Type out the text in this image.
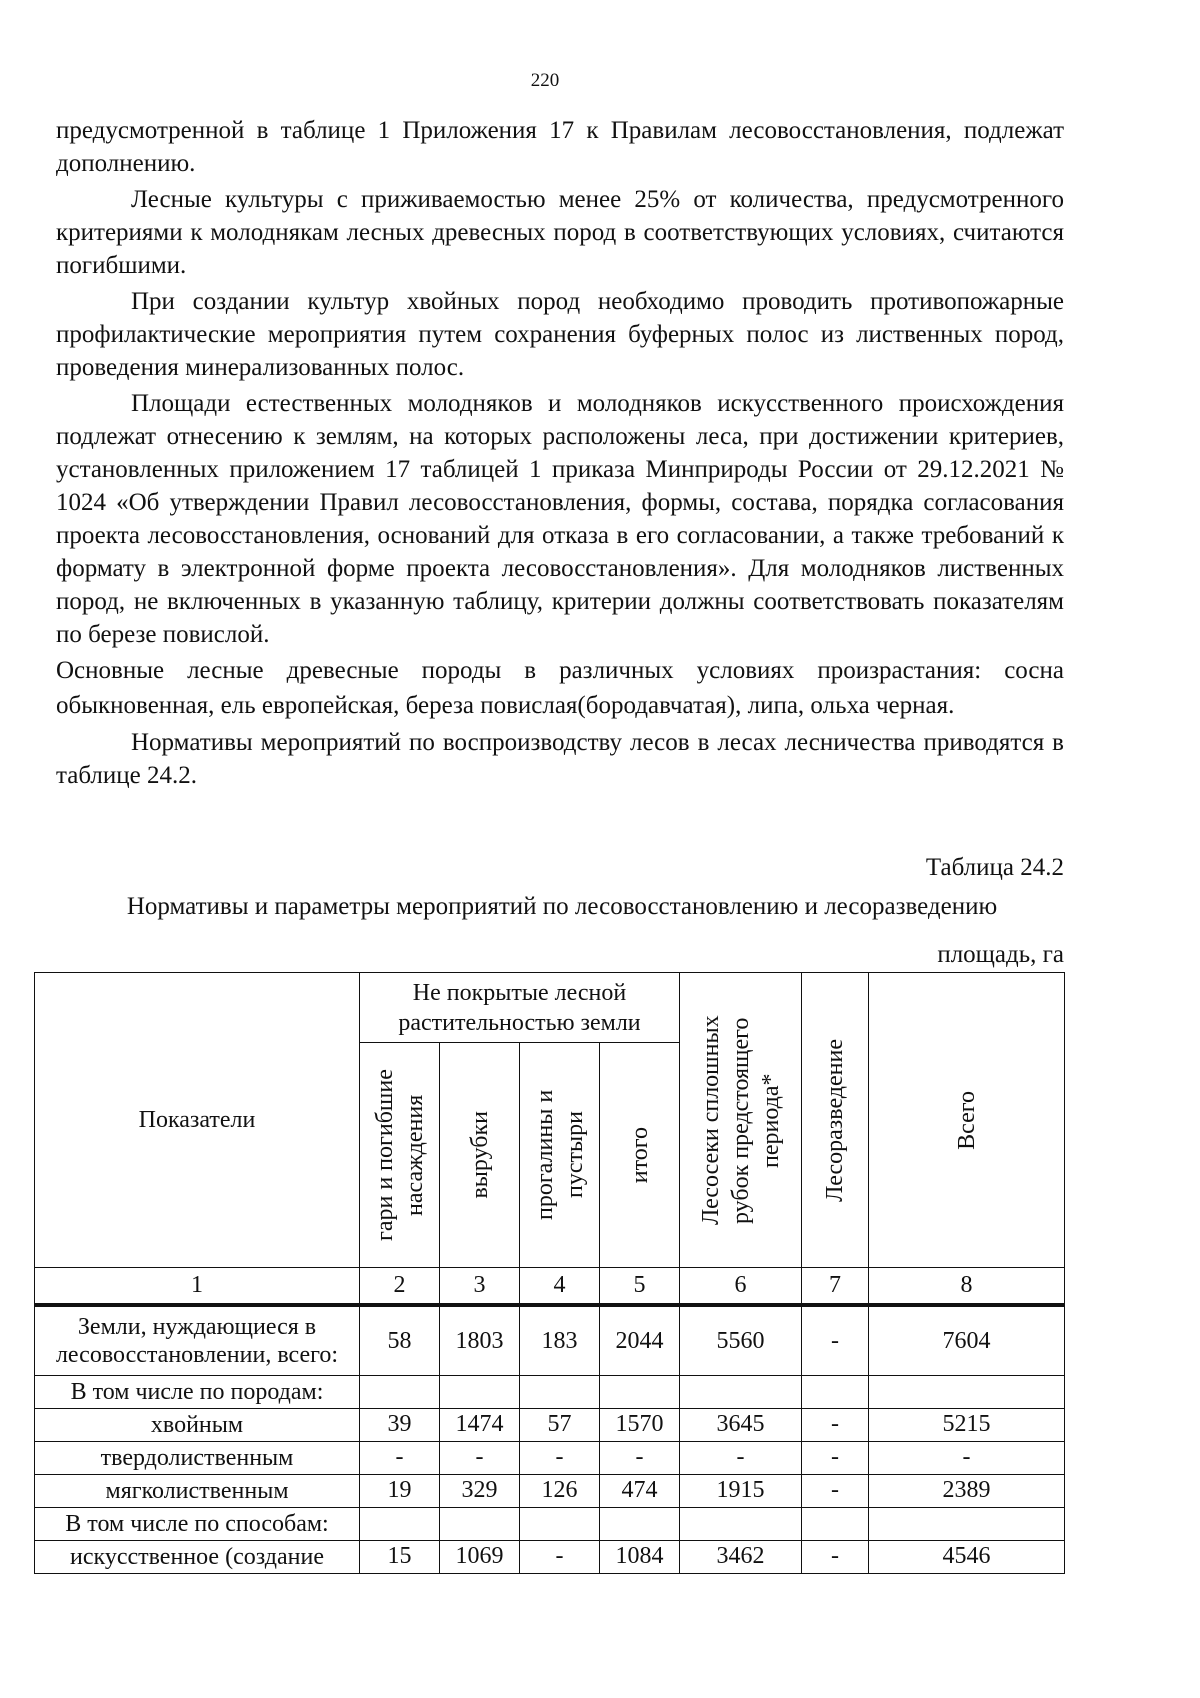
220

предусмотренной в таблице 1 Приложения 17 к Правилам лесовосстановления, подлежат дополнению.

Лесные культуры с приживаемостью менее 25% от количества, предусмотренного критериями к молоднякам лесных древесных пород в соответствующих условиях, считаются погибшими.

При создании культур хвойных пород необходимо проводить противопожарные профилактические мероприятия путем сохранения буферных полос из лиственных пород, проведения минерализованных полос.

Площади естественных молодняков и молодняков искусственного происхождения подлежат отнесению к землям, на которых расположены леса, при достижении критериев, установленных приложением 17 таблицей 1 приказа Минприроды России от 29.12.2021 № 1024 «Об утверждении Правил лесовосстановления, формы, состава, порядка согласования проекта лесовосстановления, оснований для отказа в его согласовании, а также требований к формату в электронной форме проекта лесовосстановления». Для молодняков лиственных пород, не включенных в указанную таблицу, критерии должны соответствовать показателям по березе повислой.

Основные лесные древесные породы в различных условиях произрастания: сосна обыкновенная, ель европейская, береза повислая(бородавчатая), липа, ольха черная.

Нормативы мероприятий по воспроизводству лесов в лесах лесничества приводятся в таблице 24.2.

Таблица 24.2
Нормативы и параметры мероприятий по лесовосстановлению и лесоразведению
площадь, га
Показатели	Не покрытые лесной растительностью земли				Лесосеки сплошных рубок предстоящего периода*	Лесоразведение	Всего

	гари и погибшие насаждения	вырубки	прогалины и пустыри	итого			

1	2	3	4	5	6	7	8
Земли, нуждающиеся в лесовосстановлении, всего:	58	1803	183	2044	5560	-	7604
В том числе по породам:							
хвойным	39	1474	57	1570	3645	-	5215
твердолиственным	-	-	-	-	-	-	-
мягколиственным	19	329	126	474	1915	-	2389
В том числе по способам:							
искусственное (создание	15	1069	-	1084	3462	-	4546
